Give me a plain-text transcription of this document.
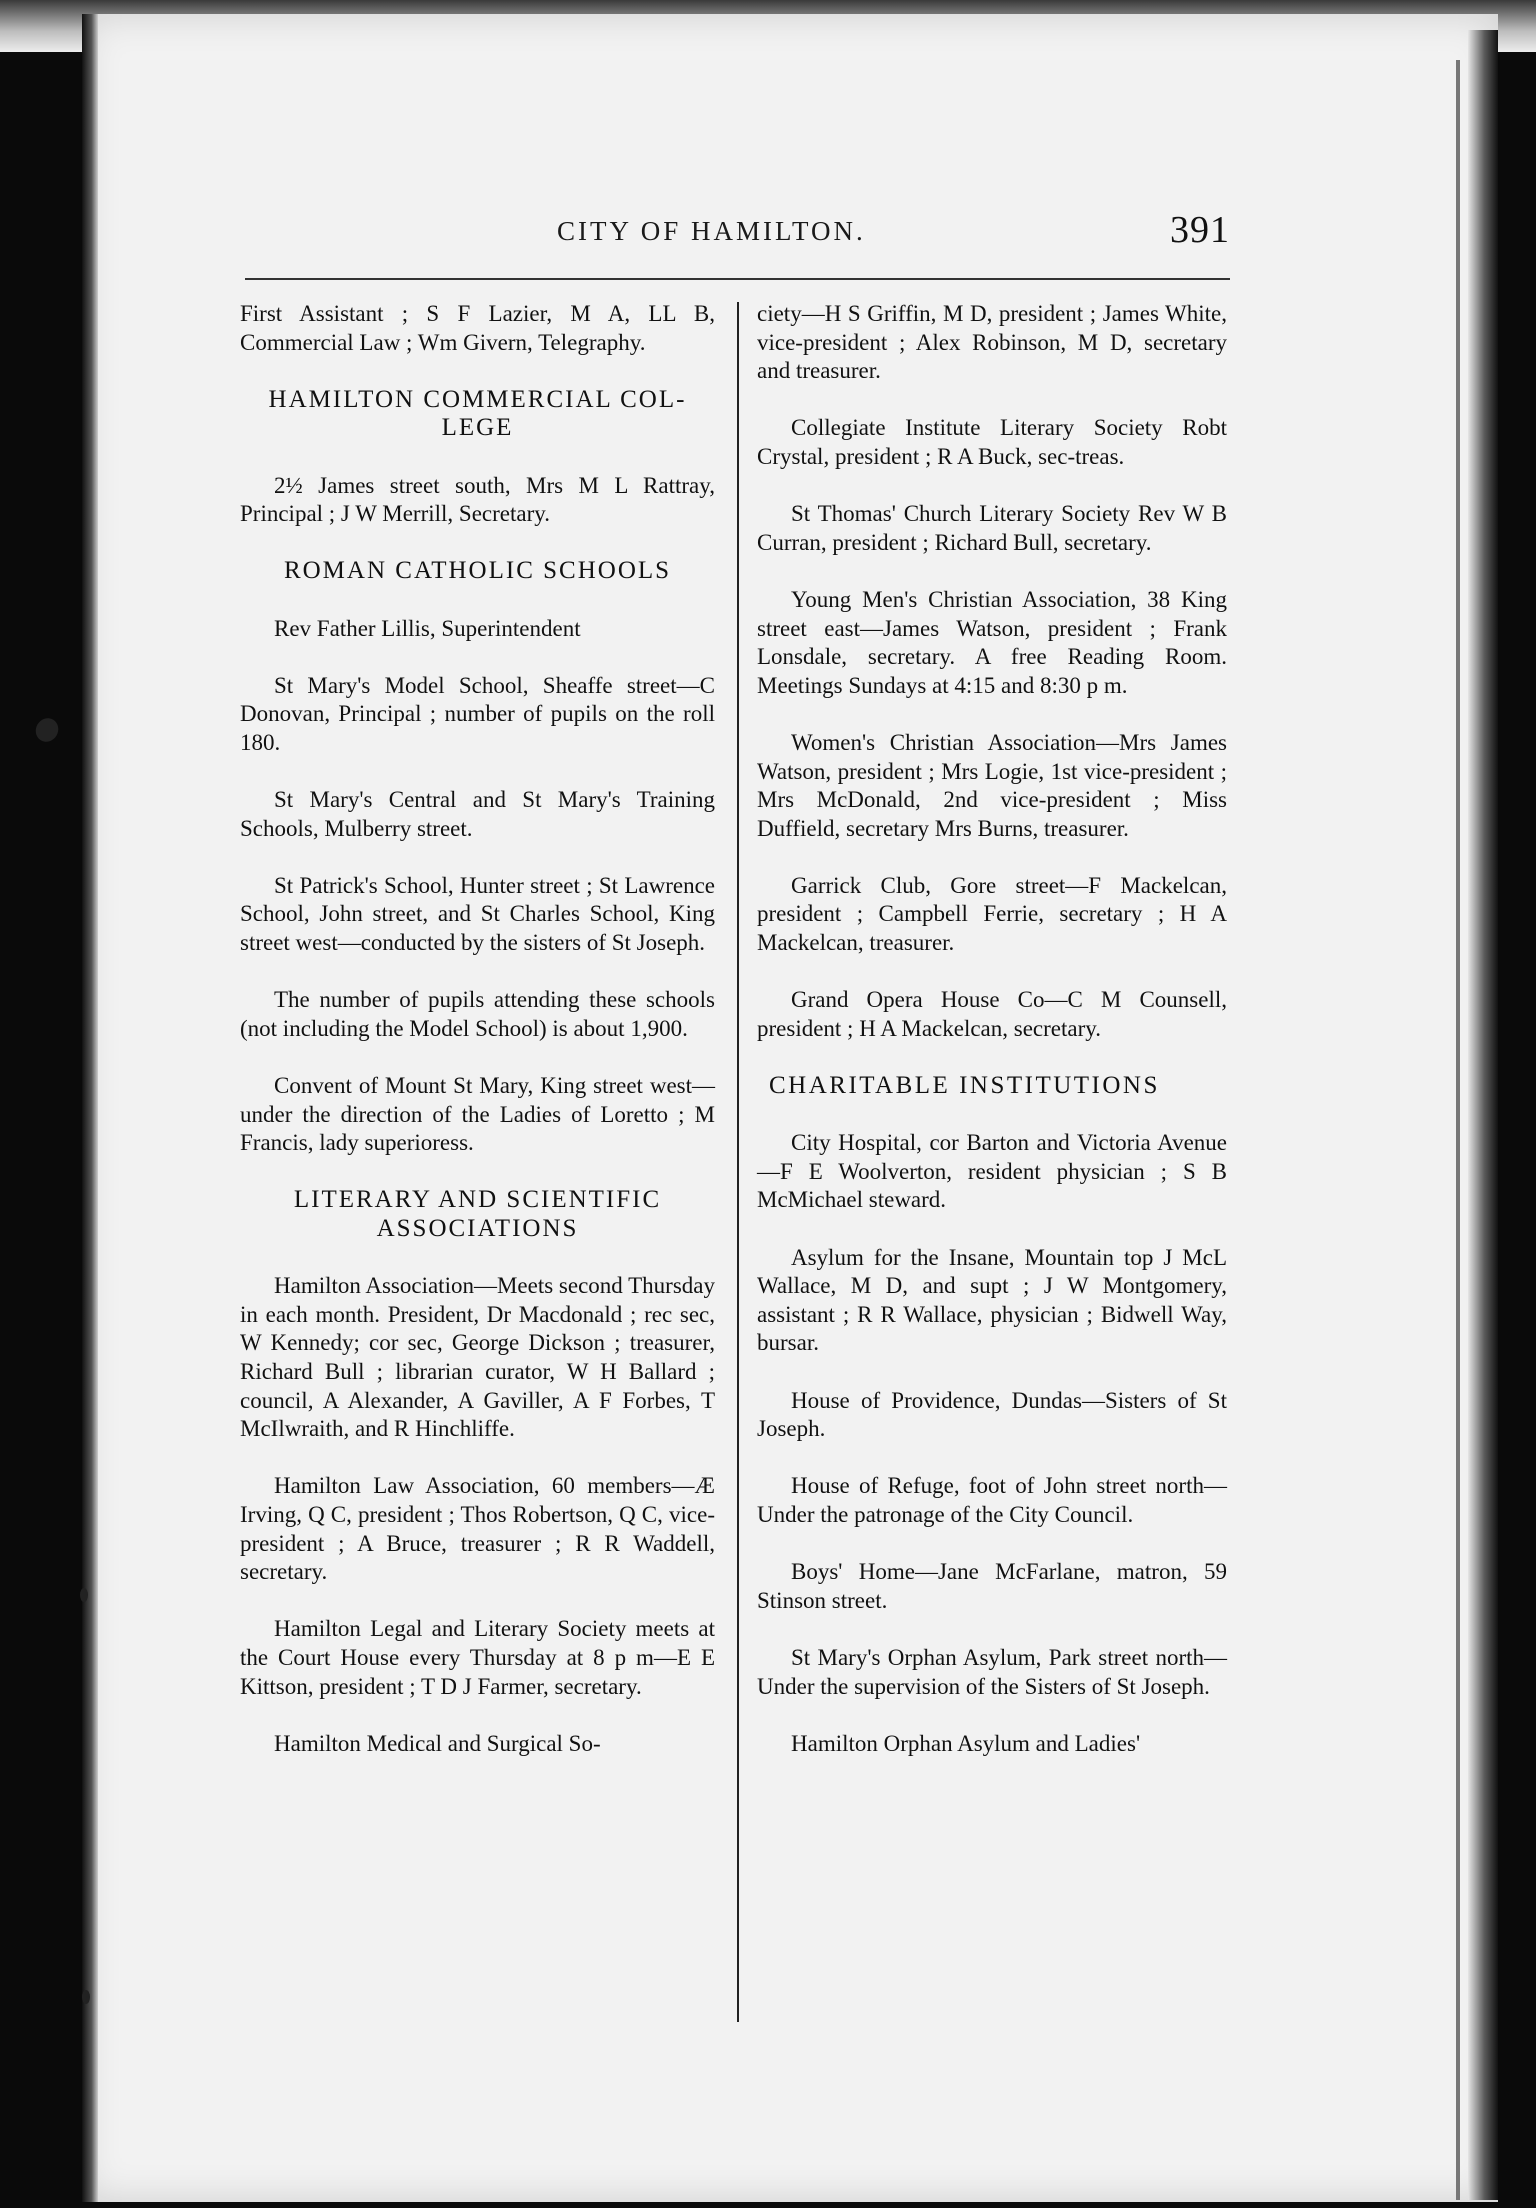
CITY OF HAMILTON.	391

First Assistant ; S F Lazier, M A, LL B, Commercial Law ; Wm Givern, Telegraphy.

HAMILTON COMMERCIAL COL-
LEGE

2½ James street south, Mrs M L Rattray, Principal ; J W Merrill, Secretary.

ROMAN CATHOLIC SCHOOLS

Rev Father Lillis, Superintendent

St Mary's Model School, Sheaffe street—C Donovan, Principal ; number of pupils on the roll 180.

St Mary's Central and St Mary's Training Schools, Mulberry street.

St Patrick's School, Hunter street ; St Lawrence School, John street, and St Charles School, King street west—conducted by the sisters of St Joseph.

The number of pupils attending these schools (not including the Model School) is about 1,900.

Convent of Mount St Mary, King street west—under the direction of the Ladies of Loretto ; M Francis, lady superioress.

LITERARY AND SCIENTIFIC
ASSOCIATIONS

Hamilton Association—Meets second Thursday in each month. President, Dr Macdonald ; rec sec, W Kennedy; cor sec, George Dickson ; treasurer, Richard Bull ; librarian curator, W H Ballard ; council, A Alexander, A Gaviller, A F Forbes, T McIlwraith, and R Hinchliffe.

Hamilton Law Association, 60 members—Æ Irving, Q C, president ; Thos Robertson, Q C, vice-president ; A Bruce, treasurer ; R R Waddell, secretary.

Hamilton Legal and Literary Society meets at the Court House every Thursday at 8 p m—E E Kittson, president ; T D J Farmer, secretary.

Hamilton Medical and Surgical So-

ciety—H S Griffin, M D, president ; James White, vice-president ; Alex Robinson, M D, secretary and treasurer.

Collegiate Institute Literary Society Robt Crystal, president ; R A Buck, sec-treas.

St Thomas' Church Literary Society Rev W B Curran, president ; Richard Bull, secretary.

Young Men's Christian Association, 38 King street east—James Watson, president ; Frank Lonsdale, secretary. A free Reading Room. Meetings Sundays at 4:15 and 8:30 p m.

Women's Christian Association—Mrs James Watson, president ; Mrs Logie, 1st vice-president ; Mrs McDonald, 2nd vice-president ; Miss Duffield, secretary Mrs Burns, treasurer.

Garrick Club, Gore street—F Mackelcan, president ; Campbell Ferrie, secretary ; H A Mackelcan, treasurer.

Grand Opera House Co—C M Counsell, president ; H A Mackelcan, secretary.

CHARITABLE INSTITUTIONS

City Hospital, cor Barton and Victoria Avenue—F E Woolverton, resident physician ; S B McMichael steward.

Asylum for the Insane, Mountain top J McL Wallace, M D, and supt ; J W Montgomery, assistant ; R R Wallace, physician ; Bidwell Way, bursar.

House of Providence, Dundas—Sisters of St Joseph.

House of Refuge, foot of John street north—Under the patronage of the City Council.

Boys' Home—Jane McFarlane, matron, 59 Stinson street.

St Mary's Orphan Asylum, Park street north—Under the supervision of the Sisters of St Joseph.

Hamilton Orphan Asylum and Ladies'
